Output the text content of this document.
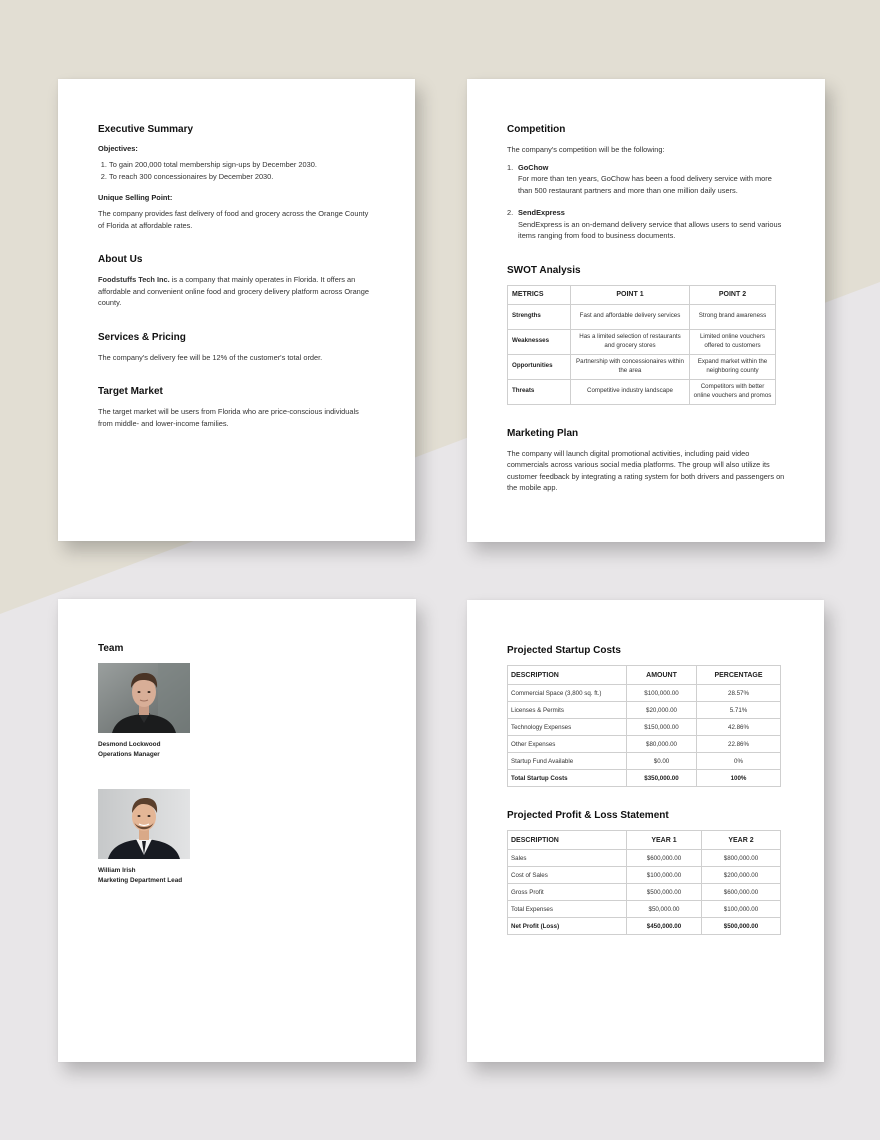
Executive Summary
Objectives:
1. To gain 200,000 total membership sign-ups by December 2030.
2. To reach 300 concessionaires by December 2030.
Unique Selling Point:

The company provides fast delivery of food and grocery across the Orange County of Florida at affordable rates.

About Us

Foodstuffs Tech Inc. is a company that mainly operates in Florida. It offers an affordable and convenient online food and grocery delivery platform across Orange county.

Services & Pricing

The company's delivery fee will be 12% of the customer's total order.

Target Market

The target market will be users from Florida who are price-conscious individuals from middle- and lower-income families.

Competition

The company's competition will be the following:

1. GoChow
For more than ten years, GoChow has been a food delivery service with more than 500 restaurant partners and more than one million daily users.
2. SendExpress
SendExpress is an on-demand delivery service that allows users to send various items ranging from food to business documents.
SWOT Analysis
METRICS	POINT 1	POINT 2
Strengths	Fast and affordable delivery services	Strong brand awareness
Weaknesses	Has a limited selection of restaurants and grocery stores	Limited online vouchers offered to customers
Opportunities	Partnership with concessionaires within the area	Expand market within the neighboring county
Threats	Competitive industry landscape	Competitors with better online vouchers and promos
Marketing Plan

The company will launch digital promotional activities, including paid video commercials across various social media platforms. The group will also utilize its customer feedback by integrating a rating system for both drivers and passengers on the mobile app.

Team
Desmond Lockwood
Operations Manager
William Irish
Marketing Department Lead
Projected Startup Costs
DESCRIPTION	AMOUNT	PERCENTAGE
Commercial Space (3,800 sq. ft.)	$100,000.00	28.57%
Licenses & Permits	$20,000.00	5.71%
Technology Expenses	$150,000.00	42.86%
Other Expenses	$80,000.00	22.86%
Startup Fund Available	$0.00	0%
Total Startup Costs	$350,000.00	100%
Projected Profit & Loss Statement
DESCRIPTION	YEAR 1	YEAR 2
Sales	$600,000.00	$800,000.00
Cost of Sales	$100,000.00	$200,000.00
Gross Profit	$500,000.00	$600,000.00
Total Expenses	$50,000.00	$100,000.00
Net Profit (Loss)	$450,000.00	$500,000.00
